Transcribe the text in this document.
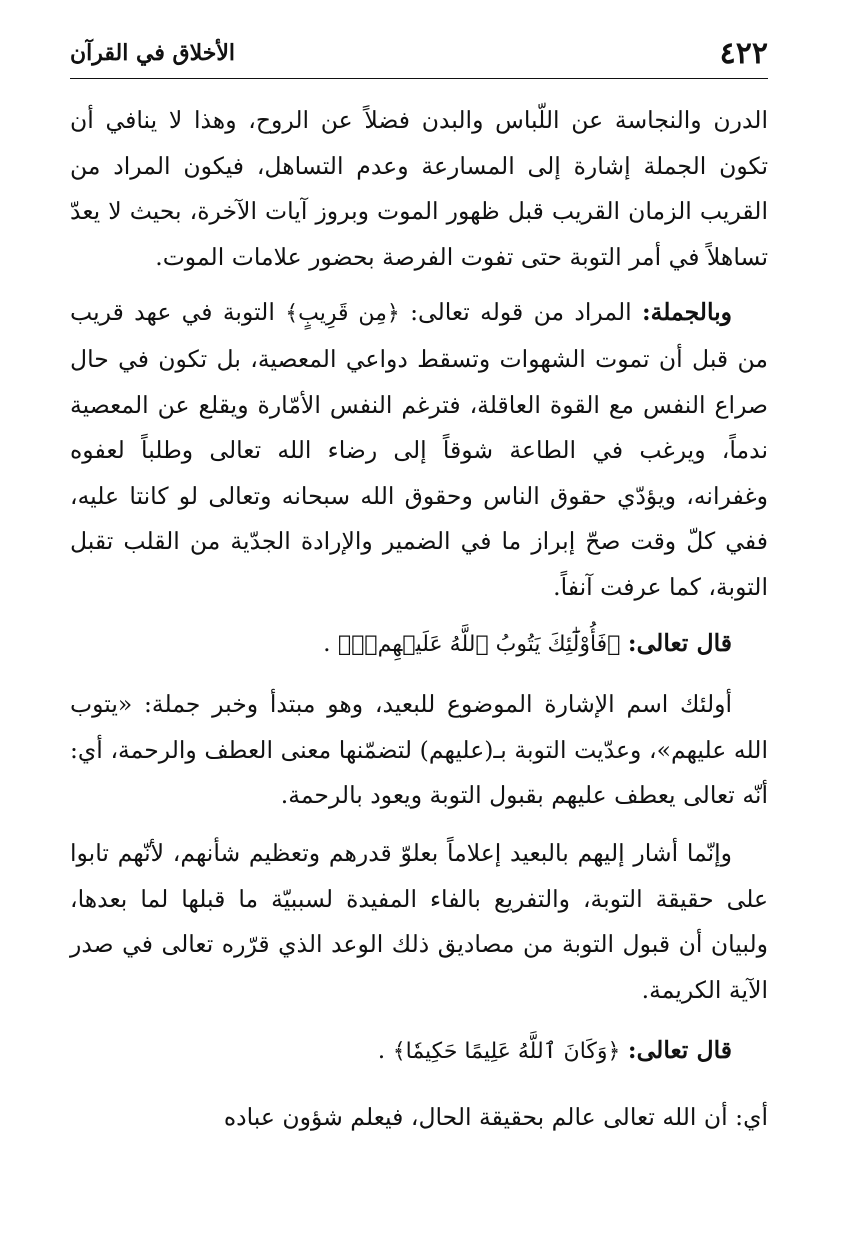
٤٢٢
الأخلاق في القرآن

الدرن والنجاسة عن اللّباس والبدن فضلاً عن الروح، وهذا لا ينافي أن تكون الجملة إشارة إلى المسارعة وعدم التساهل، فيكون المراد من القريب الزمان القريب قبل ظهور الموت وبروز آيات الآخرة، بحيث لا يعدّ تساهلاً في أمر التوبة حتى تفوت الفرصة بحضور علامات الموت.

وبالجملة: المراد من قوله تعالى: ﴿مِن قَرِيبٍ﴾ التوبة في عهد قريب من قبل أن تموت الشهوات وتسقط دواعي المعصية، بل تكون في حال صراع النفس مع القوة العاقلة، فترغم النفس الأمّارة ويقلع عن المعصية ندماً، ويرغب في الطاعة شوقاً إلى رضاء الله تعالى وطلباً لعفوه وغفرانه، ويؤدّي حقوق الناس وحقوق الله سبحانه وتعالى لو كانتا عليه، ففي كلّ وقت صحّ إبراز ما في الضمير والإرادة الجدّية من القلب تقبل التوبة، كما عرفت آنفاً.

قال تعالى: ﴿فَأُوْلَٰٓئِكَ يَتُوبُ ٱللَّهُ عَلَيۡهِمۡۗ﴾ .

أولئك اسم الإشارة الموضوع للبعيد، وهو مبتدأ وخبر جملة: «يتوب الله عليهم»، وعدّيت التوبة بـ(عليهم) لتضمّنها معنى العطف والرحمة، أي: أنّه تعالى يعطف عليهم بقبول التوبة ويعود بالرحمة.

وإنّما أشار إليهم بالبعيد إعلاماً بعلوّ قدرهم وتعظيم شأنهم، لأنّهم تابوا على حقيقة التوبة، والتفريع بالفاء المفيدة لسببيّة ما قبلها لما بعدها، ولبيان أن قبول التوبة من مصاديق ذلك الوعد الذي قرّره تعالى في صدر الآية الكريمة.

قال تعالى: ﴿وَكَانَ ٱللَّهُ عَلِيمًا حَكِيمٗا﴾ .

أي: أن الله تعالى عالم بحقيقة الحال، فيعلم شؤون عباده
